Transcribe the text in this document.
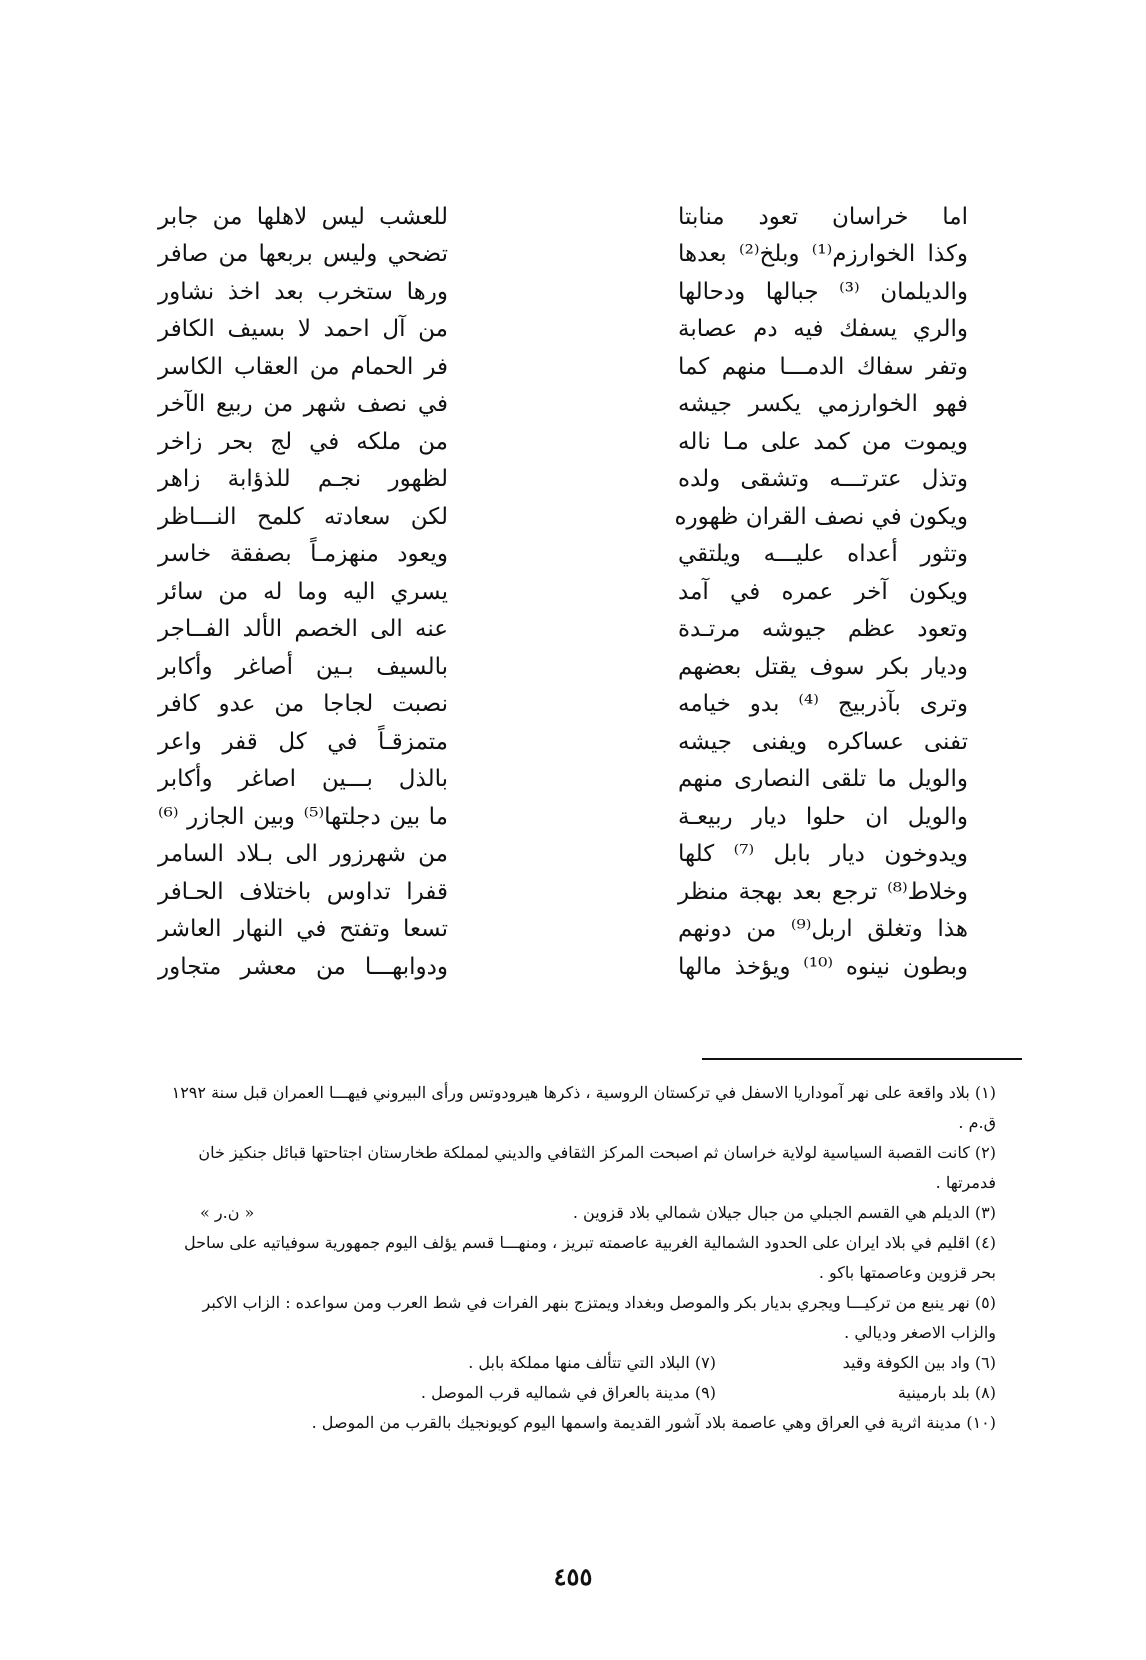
اما خراسان تعود منابتا
للعشب ليس لاهلها من جابر
وكذا الخوارزم⁽¹⁾ وبلخ⁽²⁾ بعدها
تضحي وليس بربعها من صافر
والديلمان ⁽³⁾ جبالها ودحالها
ورها ستخرب بعد اخذ نشاور
والري يسفك فيه دم عصابة
من آل احمد لا بسيف الكافر
وتفر سفاك الدمـــا منهم كما
فر الحمام من العقاب الكاسر
فهو الخوارزمي يكسر جيشه
في نصف شهر من ربيع الآخر
ويموت من كمد على مـا ناله
من ملكه في لج بحر زاخر
وتذل عترتـــه وتشقى ولده
لظهور نجـم للذؤابة زاهر
ويكون في نصف القران ظهوره
لكن سعادته كلمح النـــاظر
وتثور أعداه عليـــه ويلتقي
ويعود منهزمـاً بصفقة خاسر
ويكون آخر عمره في آمد
يسري اليه وما له من سائر
وتعود عظم جيوشه مرتـدة
عنه الى الخصم الألد الفــاجر
وديار بكر سوف يقتل بعضهم
بالسيف بـين أصاغر وأكابر
وترى بآذربيج ⁽⁴⁾ بدو خيامه
نصبت لجاجا من عدو كافر
تفنى عساكره ويفنى جيشه
متمزقـاً في كل قفر واعر
والويل ما تلقى النصارى منهم
بالذل بـــين اصاغر وأكابر
والويل ان حلوا ديار ربيعـة
ما بين دجلتها⁽⁵⁾ وبين الجازر ⁽⁶⁾
ويدوخون ديار بابل ⁽⁷⁾ كلها
من شهرزور الى بـلاد السامر
وخلاط⁽⁸⁾ ترجع بعد بهجة منظر
قفرا تداوس باختلاف الحـافر
هذا وتغلق اربل⁽⁹⁾ من دونهم
تسعا وتفتح في النهار العاشر
وبطون نينوه ⁽¹⁰⁾ ويؤخذ مالها
ودوابهـــا من معشر متجاور
(١) بلاد واقعة على نهر آموداريا الاسفل في تركستان الروسية ، ذكرها هيرودوتس ورأى البيروني فيهـــا العمران قبل سنة ١٢٩٢ ق.م .
(٢) كانت القصبة السياسية لولاية خراسان ثم اصبحت المركز الثقافي والديني لمملكة طخارستان اجتاحتها قبائل جنكيز خان فدمرتها .
(٣) الديلم هي القسم الجبلي من جبال جيلان شمالي بلاد قزوين .
« ن.ر »
(٤) اقليم في بلاد ايران على الحدود الشمالية الغربية عاصمته تبريز ، ومنهـــا قسم يؤلف اليوم جمهورية سوفياتيه على ساحل بحر قزوين وعاصمتها باكو .
(٥) نهر ينبع من تركيـــا ويجري بديار بكر والموصل وبغداد ويمتزج بنهر الفرات في شط العرب ومن سواعده : الزاب الاكبر والزاب الاصغر وديالي .
(٦) واد بين الكوفة وقيد
(٧) البلاد التي تتألف منها مملكة بابل .
(٨) بلد بارمينية
(٩) مدينة بالعراق في شماليه قرب الموصل .
(١٠) مدينة اثرية في العراق وهي عاصمة بلاد آشور القديمة واسمها اليوم كويونجيك بالقرب من الموصل .
٤٥٥
